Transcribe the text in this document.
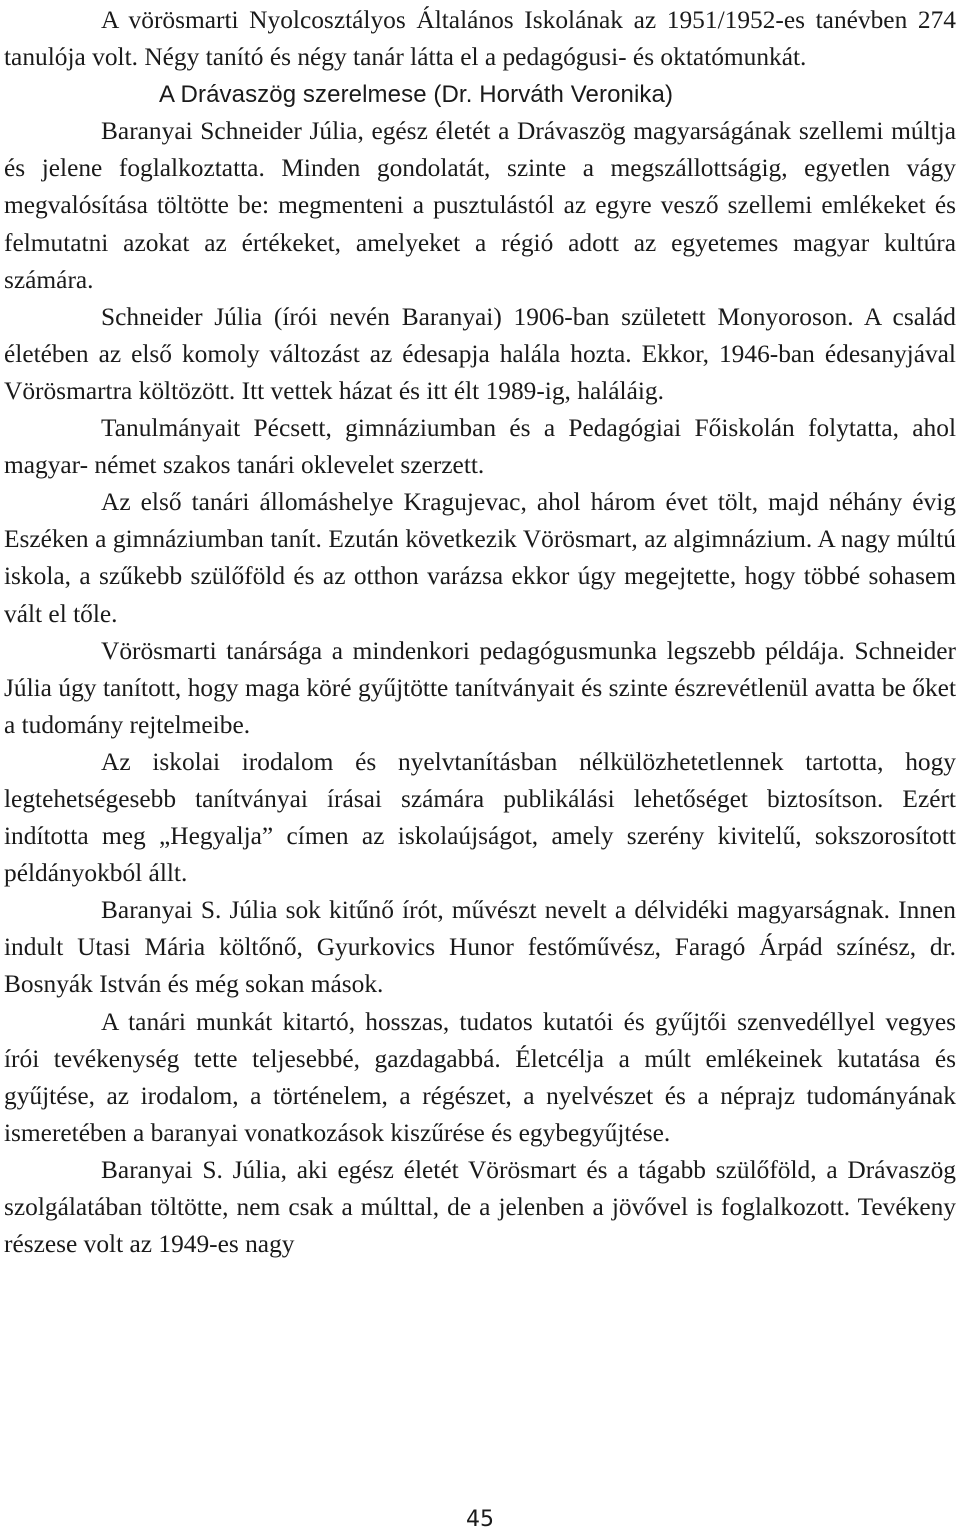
A vörösmarti Nyolcosztályos Általános Iskolának az 1951/1952-es tanévben 274 tanulója volt. Négy tanító és négy tanár látta el a pedagógusi- és oktatómunkát.

A Drávaszög szerelmese (Dr. Horváth Veronika)

Baranyai Schneider Júlia, egész életét a Drávaszög magyarságának szellemi múltja és jelene foglalkoztatta. Minden gondolatát, szinte a megszállottságig, egyetlen vágy megvalósítása töltötte be: megmenteni a pusztulástól az egyre vesző szellemi emlékeket és felmutatni azokat az értékeket, amelyeket a régió adott az egyetemes magyar kultúra számára.

Schneider Júlia (írói nevén Baranyai) 1906-ban született Monyoroson. A család életében az első komoly változást az édesapja halála hozta. Ekkor, 1946-ban édesanyjával Vörösmartra költözött. Itt vettek házat és itt élt 1989-ig, haláláig.

Tanulmányait Pécsett, gimnáziumban és a Pedagógiai Főiskolán folytatta, ahol magyar- német szakos tanári oklevelet szerzett.

Az első tanári állomáshelye Kragujevac, ahol három évet tölt, majd néhány évig Eszéken a gimnáziumban tanít. Ezután következik Vörösmart, az algimnázium. A nagy múltú iskola, a szűkebb szülőföld és az otthon varázsa ekkor úgy megejtette, hogy többé sohasem vált el tőle.

Vörösmarti tanársága a mindenkori pedagógusmunka legszebb példája. Schneider Júlia úgy tanított, hogy maga köré gyűjtötte tanítványait és szinte észrevétlenül avatta be őket a tudomány rejtelmeibe.

Az iskolai irodalom és nyelvtanításban nélkülözhetetlennek tartotta, hogy legtehetségesebb tanítványai írásai számára publikálási lehetőséget biztosítson. Ezért indította meg „Hegyalja” címen az iskolaújságot, amely szerény kivitelű, sokszorosított példányokból állt.

Baranyai S. Júlia sok kitűnő írót, művészt nevelt a délvidéki magyarságnak. Innen indult Utasi Mária költőnő, Gyurkovics Hunor festőművész, Faragó Árpád színész, dr. Bosnyák István és még sokan mások.

A tanári munkát kitartó, hosszas, tudatos kutatói és gyűjtői szenvedéllyel vegyes írói tevékenység tette teljesebbé, gazdagabbá. Életcélja a múlt emlékeinek kutatása és gyűjtése, az irodalom, a történelem, a régészet, a nyelvészet és a néprajz tudományának ismeretében a baranyai vonatkozások kiszűrése és egybegyűjtése.

Baranyai S. Júlia, aki egész életét Vörösmart és a tágabb szülőföld, a Drávaszög szolgálatában töltötte, nem csak a múlttal, de a jelenben a jövővel is foglalkozott. Tevékeny részese volt az 1949-es nagy

45
